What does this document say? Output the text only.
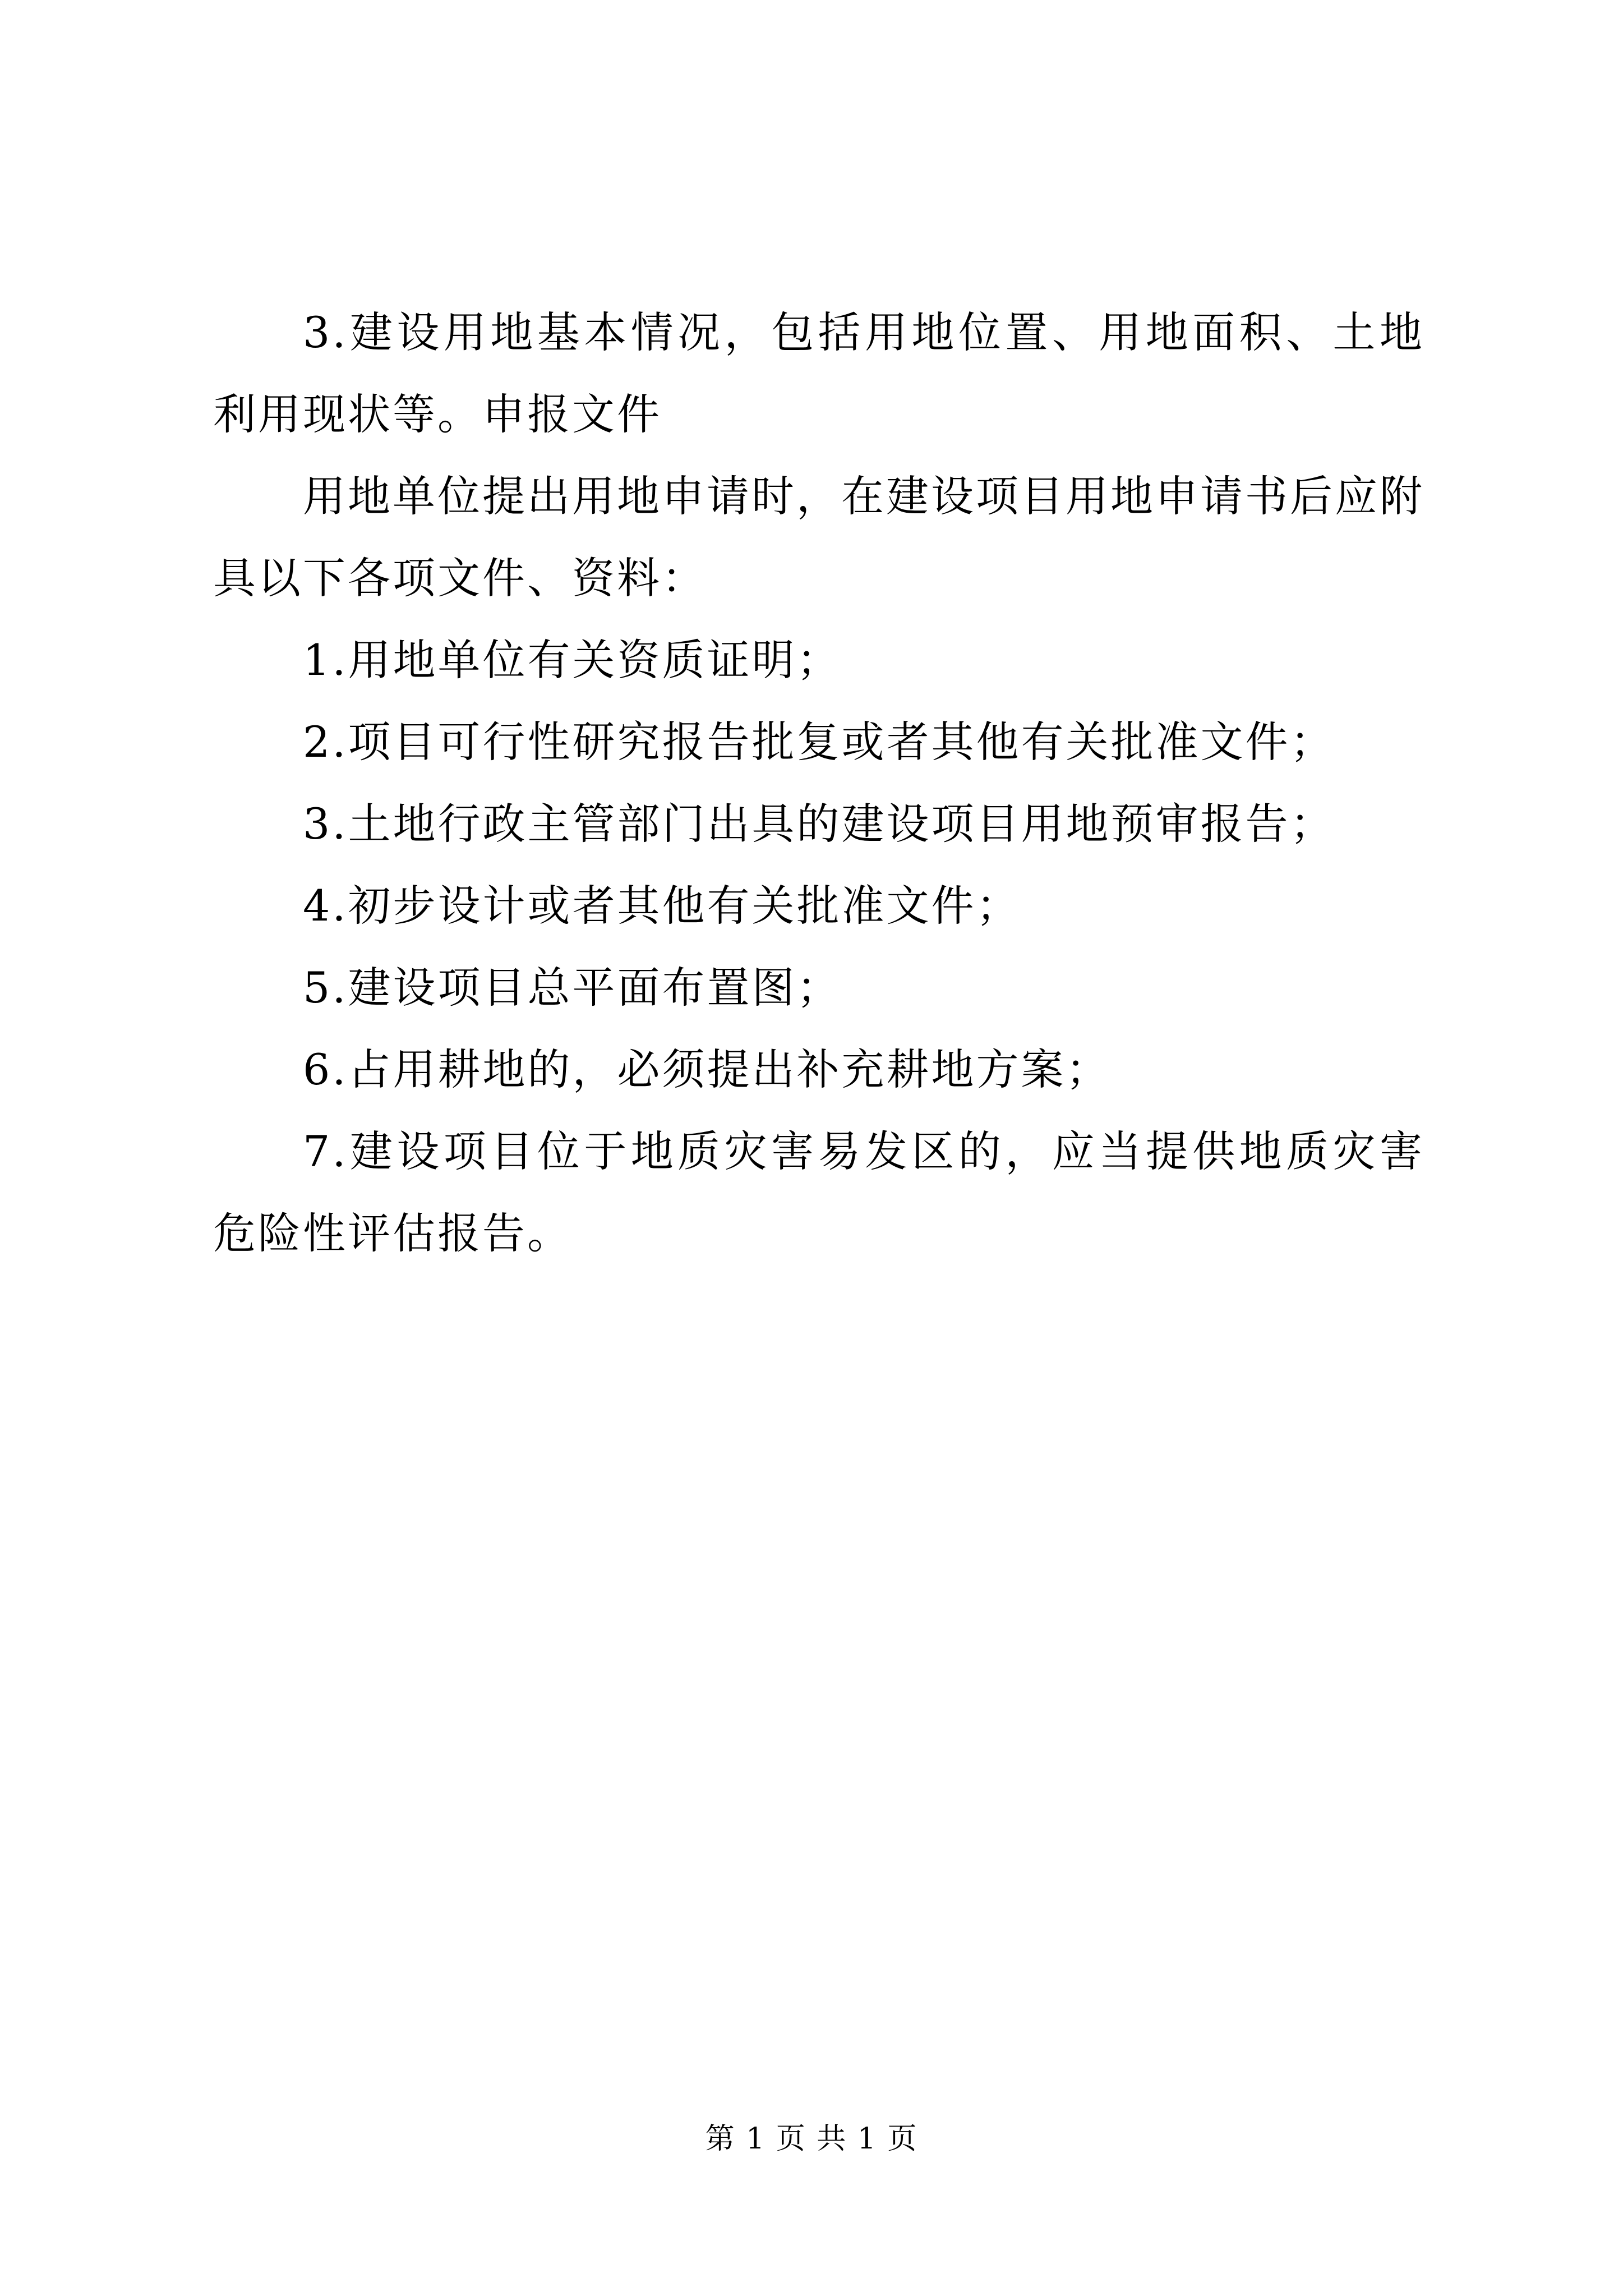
3.建设用地基本情况，包括用地位置、用地面积、土地利用现状等。申报文件

用地单位提出用地申请时，在建设项目用地申请书后应附具以下各项文件、资料：

1.用地单位有关资质证明；

2.项目可行性研究报告批复或者其他有关批准文件；

3.土地行政主管部门出具的建设项目用地预审报告；

4.初步设计或者其他有关批准文件；

5.建设项目总平面布置图；

6.占用耕地的，必须提出补充耕地方案；

7.建设项目位于地质灾害易发区的，应当提供地质灾害危险性评估报告。

第 1 页 共 1 页
